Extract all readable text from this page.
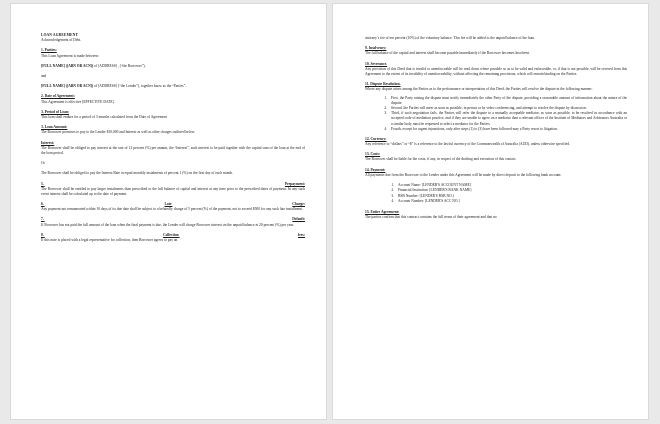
LOAN AGREEMENT

Acknowledgement of Debt.

1. Parties:

This Loan Agreement is made between:

[FULL NAME] ([ABN OR ACN]) of [ADDRESS] , (“the Borrower”),

and

[FULL NAME] ([ABN OR ACN]) of [ADDRESS] (“the Lender”), together know as the “Parties”.

2. Date of Agreement:

This Agreement is effective [EFFECTIVE DATE].

3. Period of Loan:

This loan shall endure for a period of 3 months calculated from the Date of Agreement

3. Loan Amount:

The Borrower promises to pay to the Lender $10,000 and Interest as well as other charges outlined below.

Interest:

The Borrower shall be obliged to pay interest at the rate of 12 percent (%) per annum, the “Interest”, such interest to be paid together with the capital sum of the loan at the end of the loan period.

Or

The Borrower shall be obliged to pay the Interest Rate in equal monthly instalments of percent 1 (%) on the first day of each month.

5.
	Prepayment:

The Borrower shall be entitled to pay larger instalments than prescribed or the full balance of capital and interest at any time prior to the prescribed dates of payment. In any such event interest shall be calculated up to the date of payment.

6.
	Late
	Charge:

Any payment not remunerated within 10 days of its due date shall be subject to a belatedly charge of 5 percent (%) of the payment, not to exceed $500 for any such late installment.

7.
	Default:

If Borrower has not paid the full amount of the loan when the final payment is due, the Lender will charge Borrower interest on the unpaid balance at 20 percent (%) per year.

8.
	Collection
	fees:

If this note is placed with a legal representative for collection, then Borrower agrees to pay an

attorney’s fee of ten percent (10%) of the voluntary balance. This fee will be added to the unpaid balance of the loan.

9. Insolvency:

The full balance of the capital and interest shall become payable immediately if the Borrower becomes Insolvent.

10. Severance.

Any provision of this Deed that is invalid or unenforceable will be read down where possible so as to be valid and enforceable, or, if that is not possible, will be severed from this Agreement to the extent of its invalidity of unenforceability, without affecting the remaining provisions, which will remain binding on the Parties.

11. Dispute Resolution.

Where any dispute arises among the Parties as to the performance or interpretation of this Deed, the Parties will resolve the dispute in the following manner:

1. First, the Party raising the dispute must notify immediately the other Party of the dispute, providing a reasonable amount of information about the nature of the dispute.
2. Second, the Parties will meet as soon as possible, in person or by video conferencing, and attempt to resolve the dispute by discussion.
3. Third, if such negotiation fails, the Parties will refer the dispute to a mutually acceptable mediator, as soon as possible, to be resolved in accordance with an accepted code of mediation practice, and if they are unable to agree on a mediator then a relevant officer of the Institute of Mediators and Arbitrators Australia or a similar body must be requested to select a mediator for the Parties.
4. Fourth, except for urgent injunctions, only after steps (1) to (3) have been followed may a Party resort to litigation.

12. Currency:

Any reference to “dollars” or “$” is a reference to the lawful currency of the Commonwealth of Australia (AUD), unless otherwise specified.

13. Costs:

The Borrower shall be liable for the costs, if any, in respect of the drafting and execution of this contact.

14. Payment:

All payments due from the Borrower to the Lender under this Agreement will be made by direct deposit to the following bank account:

1. Account Name: [LENDER'S ACCOUNT NAME]
2. Financial Institution: [LENDER'S BANK NAME]
3. BSB Number: [LENDER'S BSB NO.]
4. Account Number: [LENDER'S ACC NO.]

15. Entire Agreement:

The parties confirm that this contract contains the full terms of their agreement and that no
